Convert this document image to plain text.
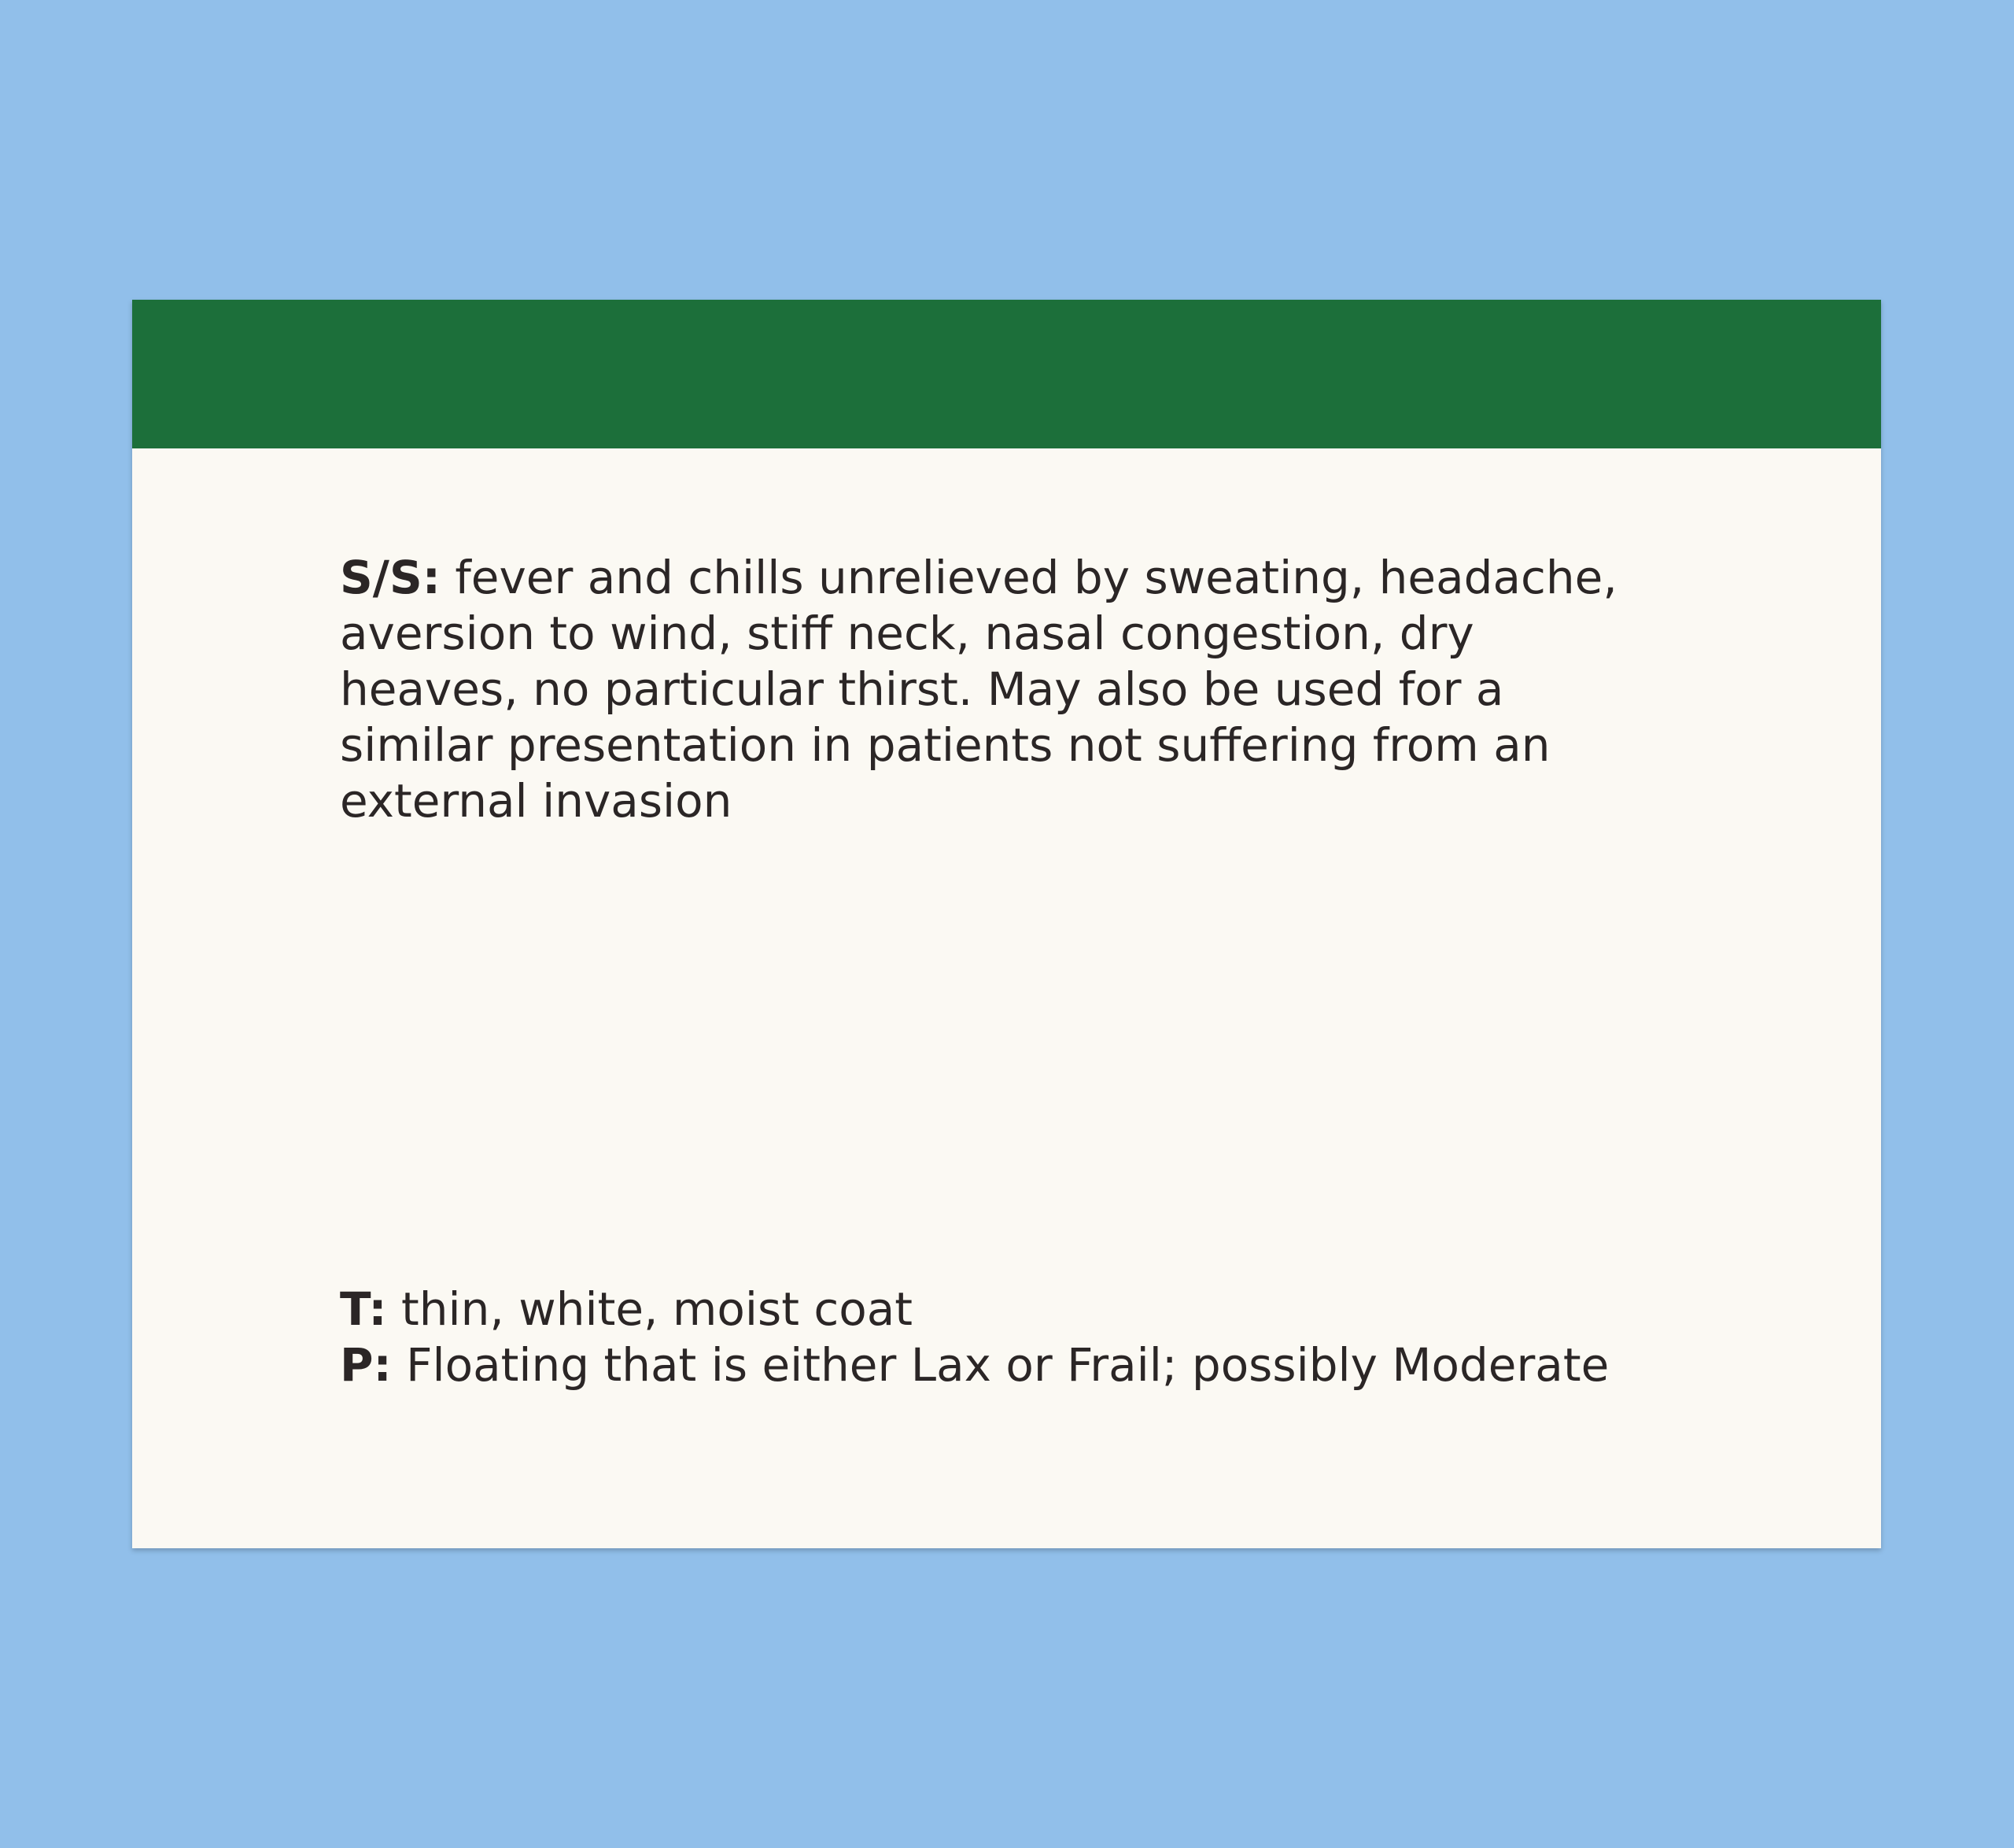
S/S: fever and chills unrelieved by sweating, headache,
aversion to wind, stiff neck, nasal congestion, dry
heaves, no particular thirst. May also be used for a
similar presentation in patients not suffering from an
external invasion
T: thin, white, moist coat
P: Floating that is either Lax or Frail; possibly Moderate
